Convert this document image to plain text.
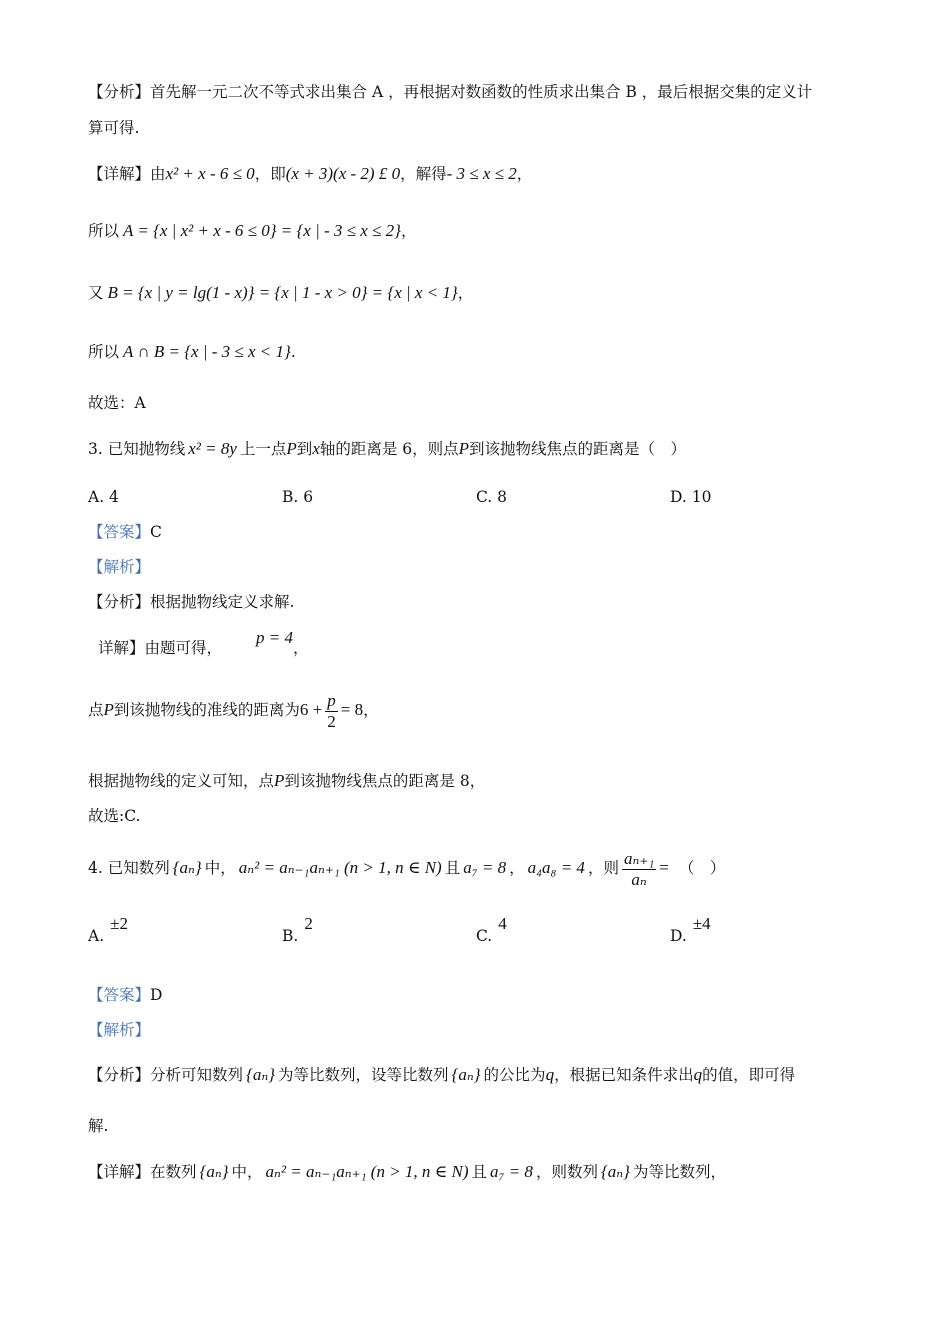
【分析】首先解一元二次不等式求出集合 A ，再根据对数函数的性质求出集合 B ，最后根据交集的定义计
算可得.
【详解】由x² + x - 6 ≤ 0，即(x + 3)(x - 2) £ 0，解得- 3 ≤ x ≤ 2，
所以 A = {x | x² + x - 6 ≤ 0} = {x | - 3 ≤ x ≤ 2}，
又 B = {x | y = lg(1 - x)} = {x | 1 - x > 0} = {x | x < 1}，
所以 A ∩ B = {x | - 3 ≤ x < 1}.
故选：A
3. 已知抛物线 x² = 8y 上一点P到x轴的距离是 6，则点P到该抛物线焦点的距离是（　）
A. 4	B. 6	C. 8	D. 10
【答案】C
【解析】
【分析】根据抛物线定义求解.
详解】由题可得，p = 4，
点P到该抛物线的准线的距离为$6 + \frac{p}{2} = 8$，
根据抛物线的定义可知，点P到该抛物线焦点的距离是 8，
故选:C.
4. 已知数列 {aₙ} 中， aₙ² = aₙ₋₁aₙ₊₁ (n > 1, n ∈ N) 且 a₇ = 8 ， a₄a₈ = 4 ，则 $\frac{\text{aₙ₊₁}}{\text{aₙ}}$ = （　）
A.±2
B.2
C.4
D.±4
【答案】D
【解析】
【分析】分析可知数列 {aₙ} 为等比数列，设等比数列 {aₙ} 的公比为q，根据已知条件求出q的值，即可得
解.
【详解】在数列 {aₙ} 中， aₙ² = aₙ₋₁aₙ₊₁ (n > 1, n ∈ N) 且 a₇ = 8 ，则数列 {aₙ} 为等比数列，
